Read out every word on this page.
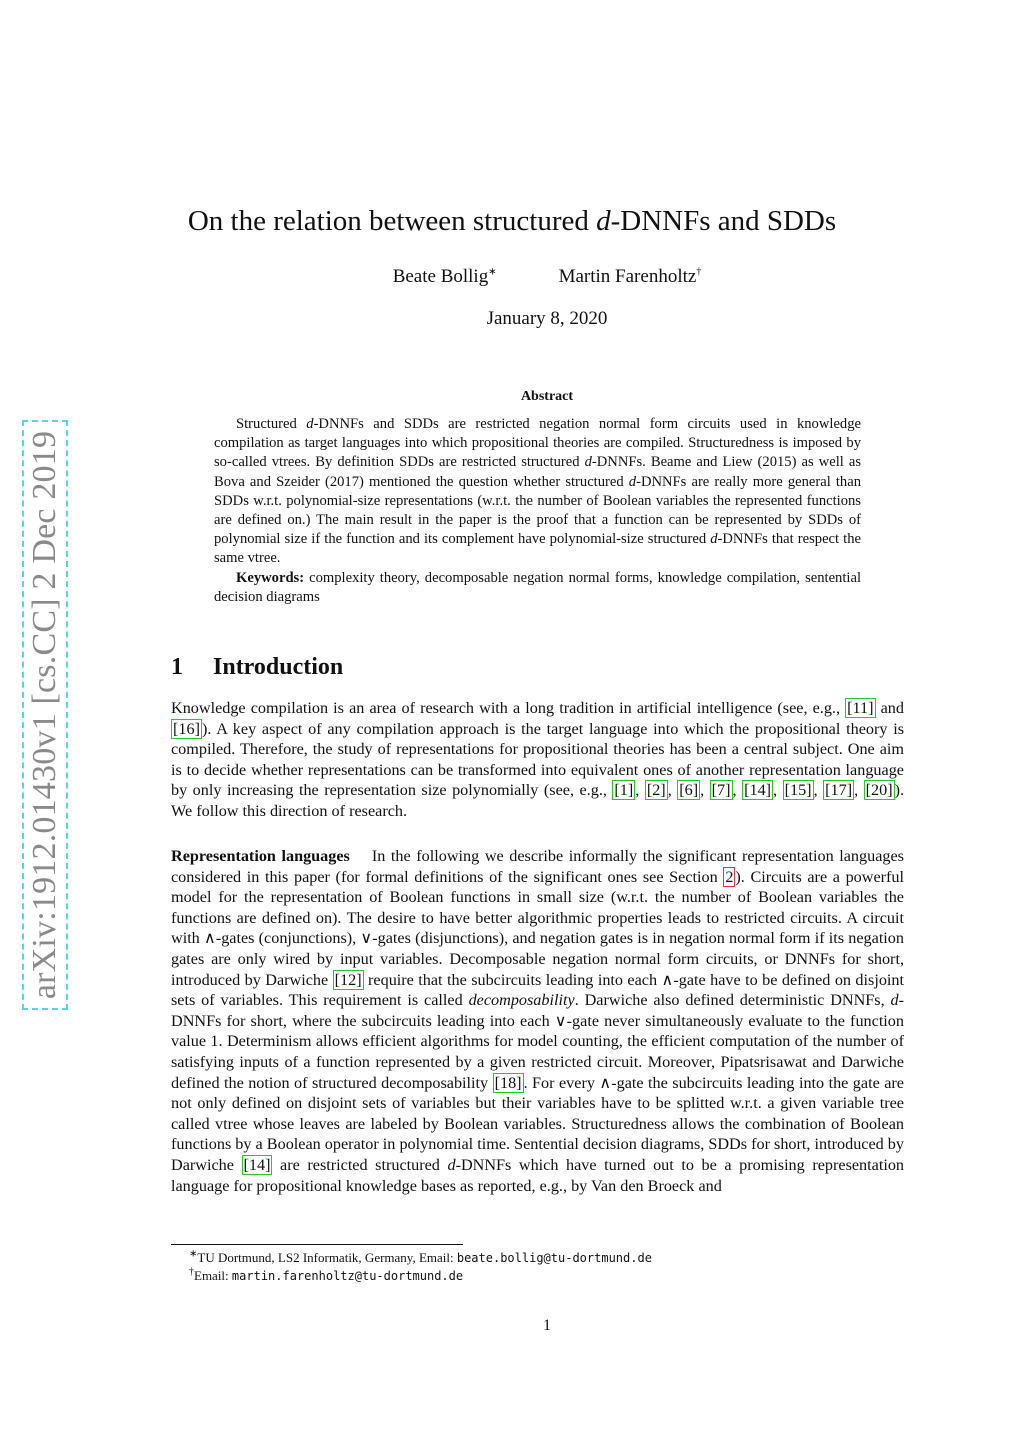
arXiv:1912.01430v1 [cs.CC] 2 Dec 2019
On the relation between structured d-DNNFs and SDDs
Beate Bollig∗	Martin Farenholtz†
January 8, 2020
Abstract

Structured d-DNNFs and SDDs are restricted negation normal form circuits used in knowledge compilation as target languages into which propositional theories are compiled. Structuredness is imposed by so-called vtrees. By definition SDDs are restricted structured d-DNNFs. Beame and Liew (2015) as well as Bova and Szeider (2017) mentioned the question whether structured d-DNNFs are really more general than SDDs w.r.t. polynomial-size representations (w.r.t. the number of Boolean variables the represented functions are defined on.) The main result in the paper is the proof that a function can be represented by SDDs of polynomial size if the function and its complement have polynomial-size structured d-DNNFs that respect the same vtree.

Keywords: complexity theory, decomposable negation normal forms, knowledge compilation, sentential decision diagrams

1 Introduction
Knowledge compilation is an area of research with a long tradition in artificial intelligence (see, e.g., [11] and [16] ). A key aspect of any compilation approach is the target language into which the propositional theory is compiled. Therefore, the study of representations for propositional theories has been a central subject. One aim is to decide whether representations can be transformed into equivalent ones of another representation language by only increasing the representation size polynomially (see, e.g., [1] , [2] , [6] , [7] , [14] , [15] , [17] , [20] ). We follow this direction of research.
Representation languages In the following we describe informally the significant representation languages considered in this paper (for formal definitions of the significant ones see Section 2 ). Circuits are a powerful model for the representation of Boolean functions in small size (w.r.t. the number of Boolean variables the functions are defined on). The desire to have better algorithmic properties leads to restricted circuits. A circuit with ∧-gates (conjunctions), ∨-gates (disjunctions), and negation gates is in negation normal form if its negation gates are only wired by input variables. Decomposable negation normal form circuits, or DNNFs for short, introduced by Darwiche [12] require that the subcircuits leading into each ∧-gate have to be defined on disjoint sets of variables. This requirement is called decomposability. Darwiche also defined deterministic DNNFs, d-DNNFs for short, where the subcircuits leading into each ∨-gate never simultaneously evaluate to the function value 1. Determinism allows efficient algorithms for model counting, the efficient computation of the number of satisfying inputs of a function represented by a given restricted circuit. Moreover, Pipatsrisawat and Darwiche defined the notion of structured decomposability [18] . For every ∧-gate the subcircuits leading into the gate are not only defined on disjoint sets of variables but their variables have to be splitted w.r.t. a given variable tree called vtree whose leaves are labeled by Boolean variables. Structuredness allows the combination of Boolean functions by a Boolean operator in polynomial time. Sentential decision diagrams, SDDs for short, introduced by Darwiche [14] are restricted structured d-DNNFs which have turned out to be a promising representation language for propositional knowledge bases as reported, e.g., by Van den Broeck and
∗TU Dortmund, LS2 Informatik, Germany, Email: beate.bollig@tu-dortmund.de
†Email: martin.farenholtz@tu-dortmund.de
1
